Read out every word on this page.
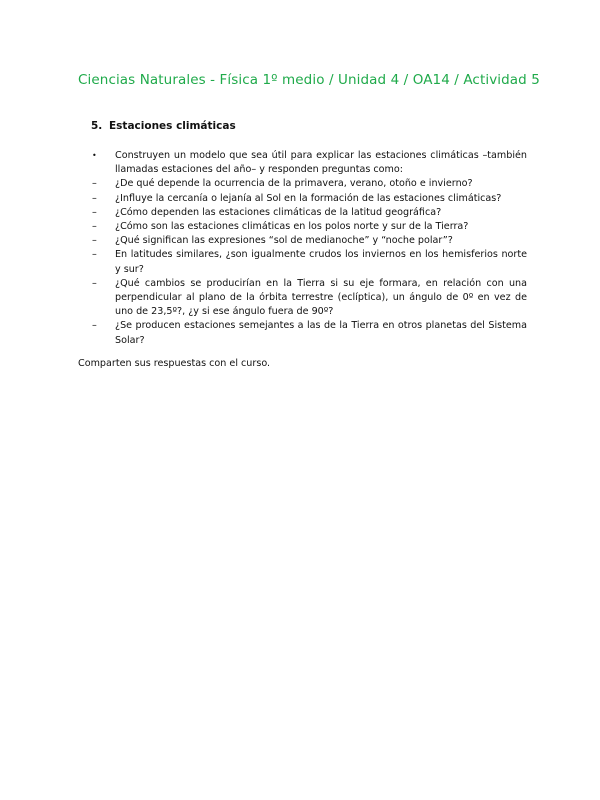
Ciencias Naturales - Física 1º medio / Unidad 4 / OA14 / Actividad 5
5. Estaciones climáticas
•	Construyen un modelo que sea útil para explicar las estaciones climáticas –también llamadas estaciones del año– y responden preguntas como:
–	¿De qué depende la ocurrencia de la primavera, verano, otoño e invierno?
–	¿Influye la cercanía o lejanía al Sol en la formación de las estaciones climáticas?
–	¿Cómo dependen las estaciones climáticas de la latitud geográfica?
–	¿Cómo son las estaciones climáticas en los polos norte y sur de la Tierra?
–	¿Qué significan las expresiones “sol de medianoche” y “noche polar”?
–	En latitudes similares, ¿son igualmente crudos los inviernos en los hemisferios norte y sur?
–	¿Qué cambios se producirían en la Tierra si su eje formara, en relación con una perpendicular al plano de la órbita terrestre (eclíptica), un ángulo de 0º en vez de uno de 23,5º?, ¿y si ese ángulo fuera de 90º?
–	¿Se producen estaciones semejantes a las de la Tierra en otros planetas del Sistema Solar?
Comparten sus respuestas con el curso.
